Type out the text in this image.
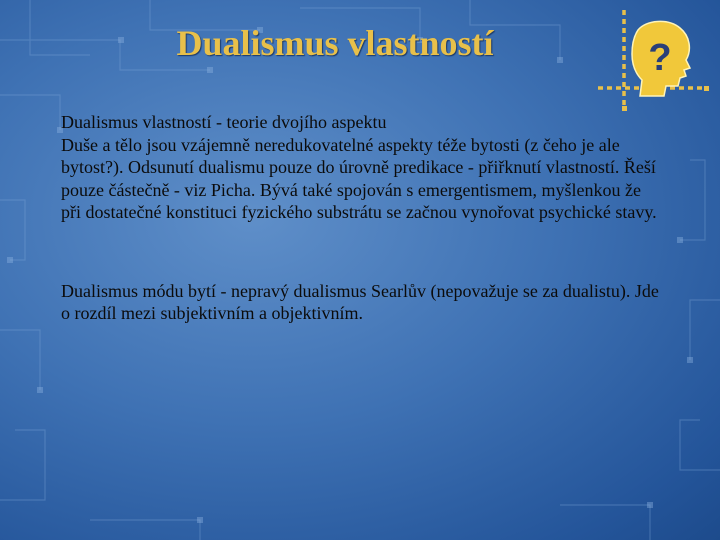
Dualismus vlastností	?

Dualismus vlastností - teorie dvojího aspektu
Duše a tělo jsou vzájemně neredukovatelné aspekty téže bytosti (z čeho je ale bytost?). Odsunutí dualismu pouze do úrovně predikace - přiřknutí vlastností. Řeší pouze částečně - viz Picha. Bývá také spojován s emergentismem, myšlenkou že při dostatečné konstituci fyzického substrátu se začnou vynořovat psychické stavy.

Dualismus módu bytí - nepravý dualismus Searlův (nepovažuje se za dualistu). Jde o rozdíl mezi subjektivním a objektivním.
